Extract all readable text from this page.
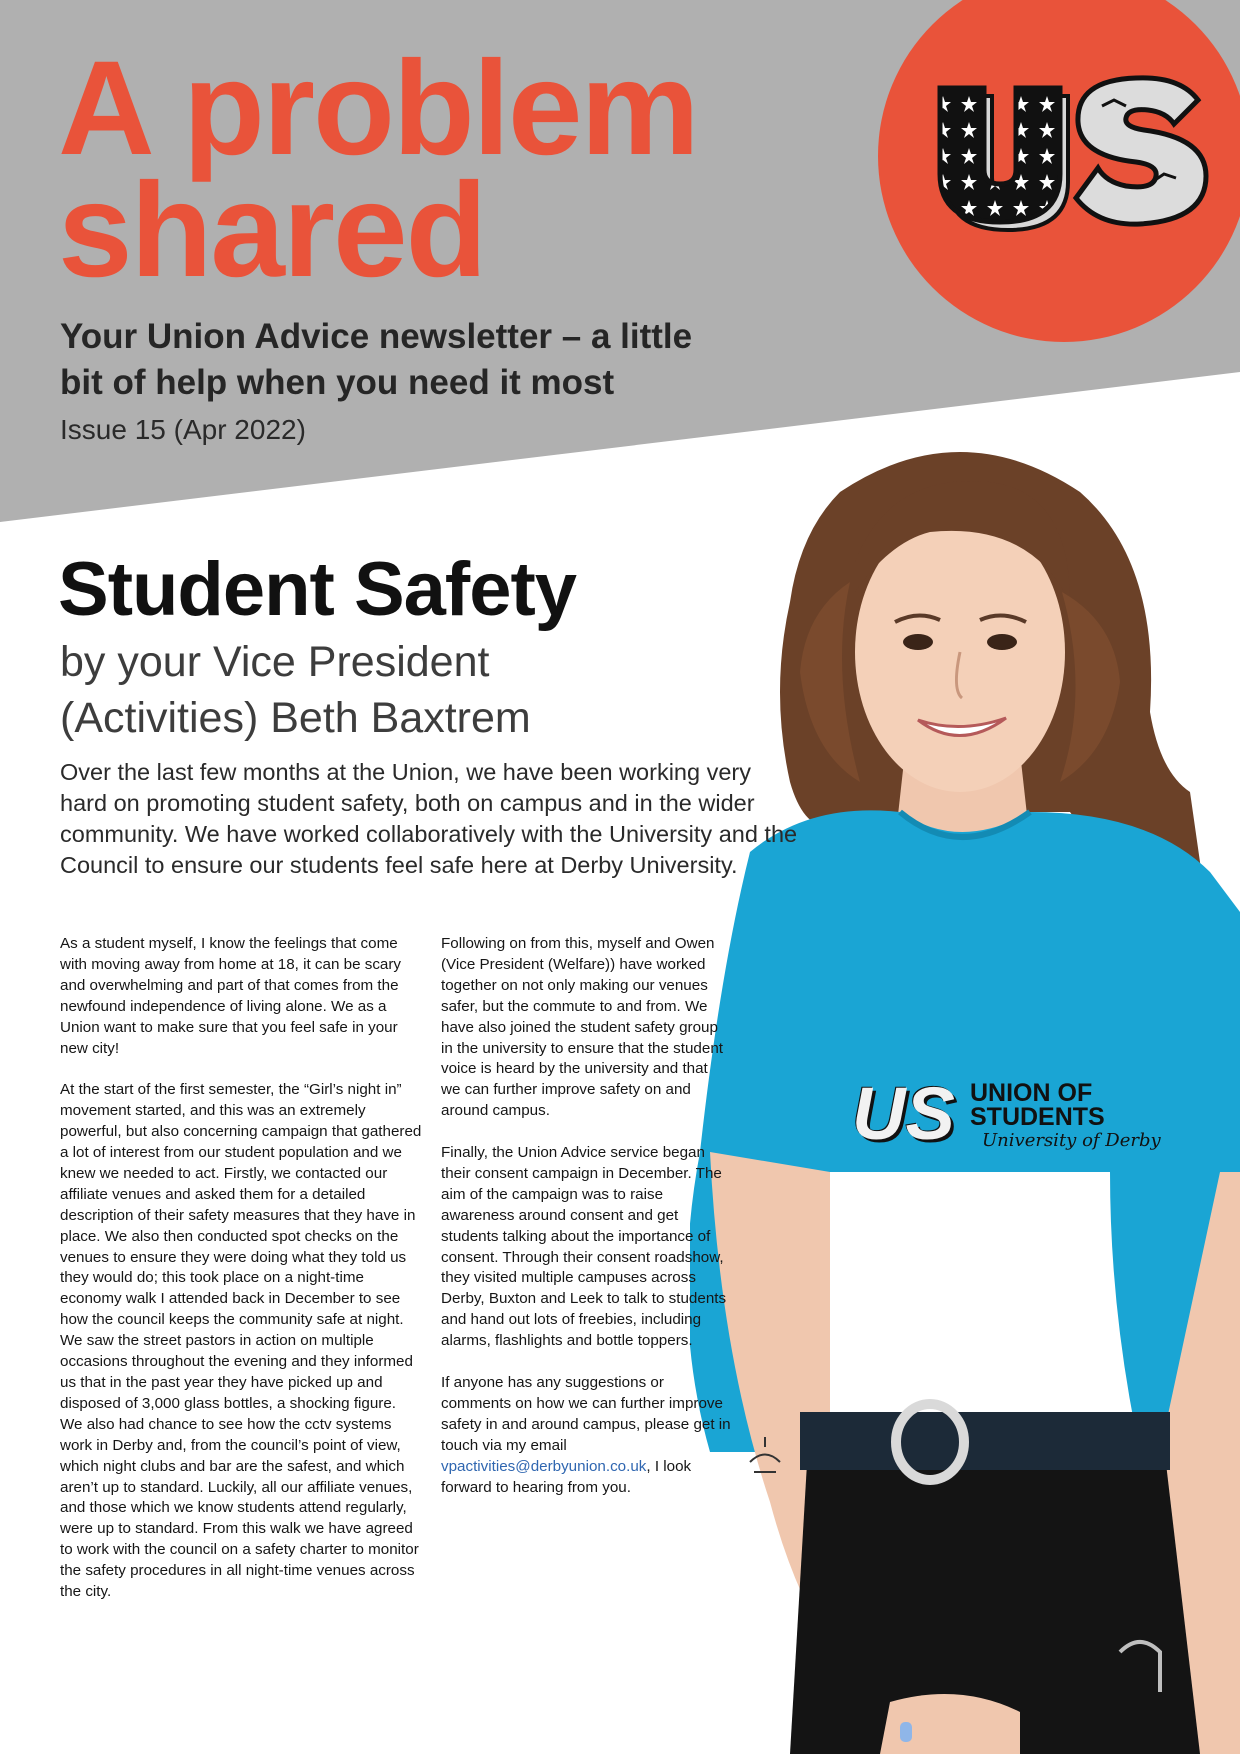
A problem
shared
Your Union Advice newsletter – a little
bit of help when you need it most
Issue 15 (Apr 2022)
US UNION OF
STUDENTS
University of Derby
Student Safety
by your Vice President
(Activities) Beth Baxtrem
Over the last few months at the Union, we have been working very hard on promoting student safety, both on campus and in the wider community. We have worked collaboratively with the University and the Council to ensure our students feel safe here at Derby University.

As a student myself, I know the feelings that come with moving away from home at 18, it can be scary and overwhelming and part of that comes from the newfound independence of living alone. We as a Union want to make sure that you feel safe in your new city!

At the start of the first semester, the “Girl’s night in” movement started, and this was an extremely powerful, but also concerning campaign that gathered a lot of interest from our student population and we knew we needed to act. Firstly, we contacted our affiliate venues and asked them for a detailed description of their safety measures that they have in place. We also then conducted spot checks on the venues to ensure they were doing what they told us they would do; this took place on a night-time economy walk I attended back in December to see how the council keeps the community safe at night. We saw the street pastors in action on multiple occasions throughout the evening and they informed us that in the past year they have picked up and disposed of 3,000 glass bottles, a shocking figure. We also had chance to see how the cctv systems work in Derby and, from the council’s point of view, which night clubs and bar are the safest, and which aren’t up to standard. Luckily, all our affiliate venues, and those which we know students attend regularly, were up to standard. From this walk we have agreed to work with the council on a safety charter to monitor the safety procedures in all night-time venues across the city.

Following on from this, myself and Owen (Vice President (Welfare)) have worked together on not only making our venues safer, but the commute to and from. We have also joined the student safety group in the university to ensure that the student voice is heard by the university and that we can further improve safety on and around campus.

Finally, the Union Advice service began their consent campaign in December. The aim of the campaign was to raise awareness around consent and get students talking about the importance of consent. Through their consent roadshow, they visited multiple campuses across Derby, Buxton and Leek to talk to students and hand out lots of freebies, including alarms, flashlights and bottle toppers.

If anyone has any suggestions or comments on how we can further improve safety in and around campus, please get in touch via my email vpactivities@derbyunion.co.uk, I look forward to hearing from you.
